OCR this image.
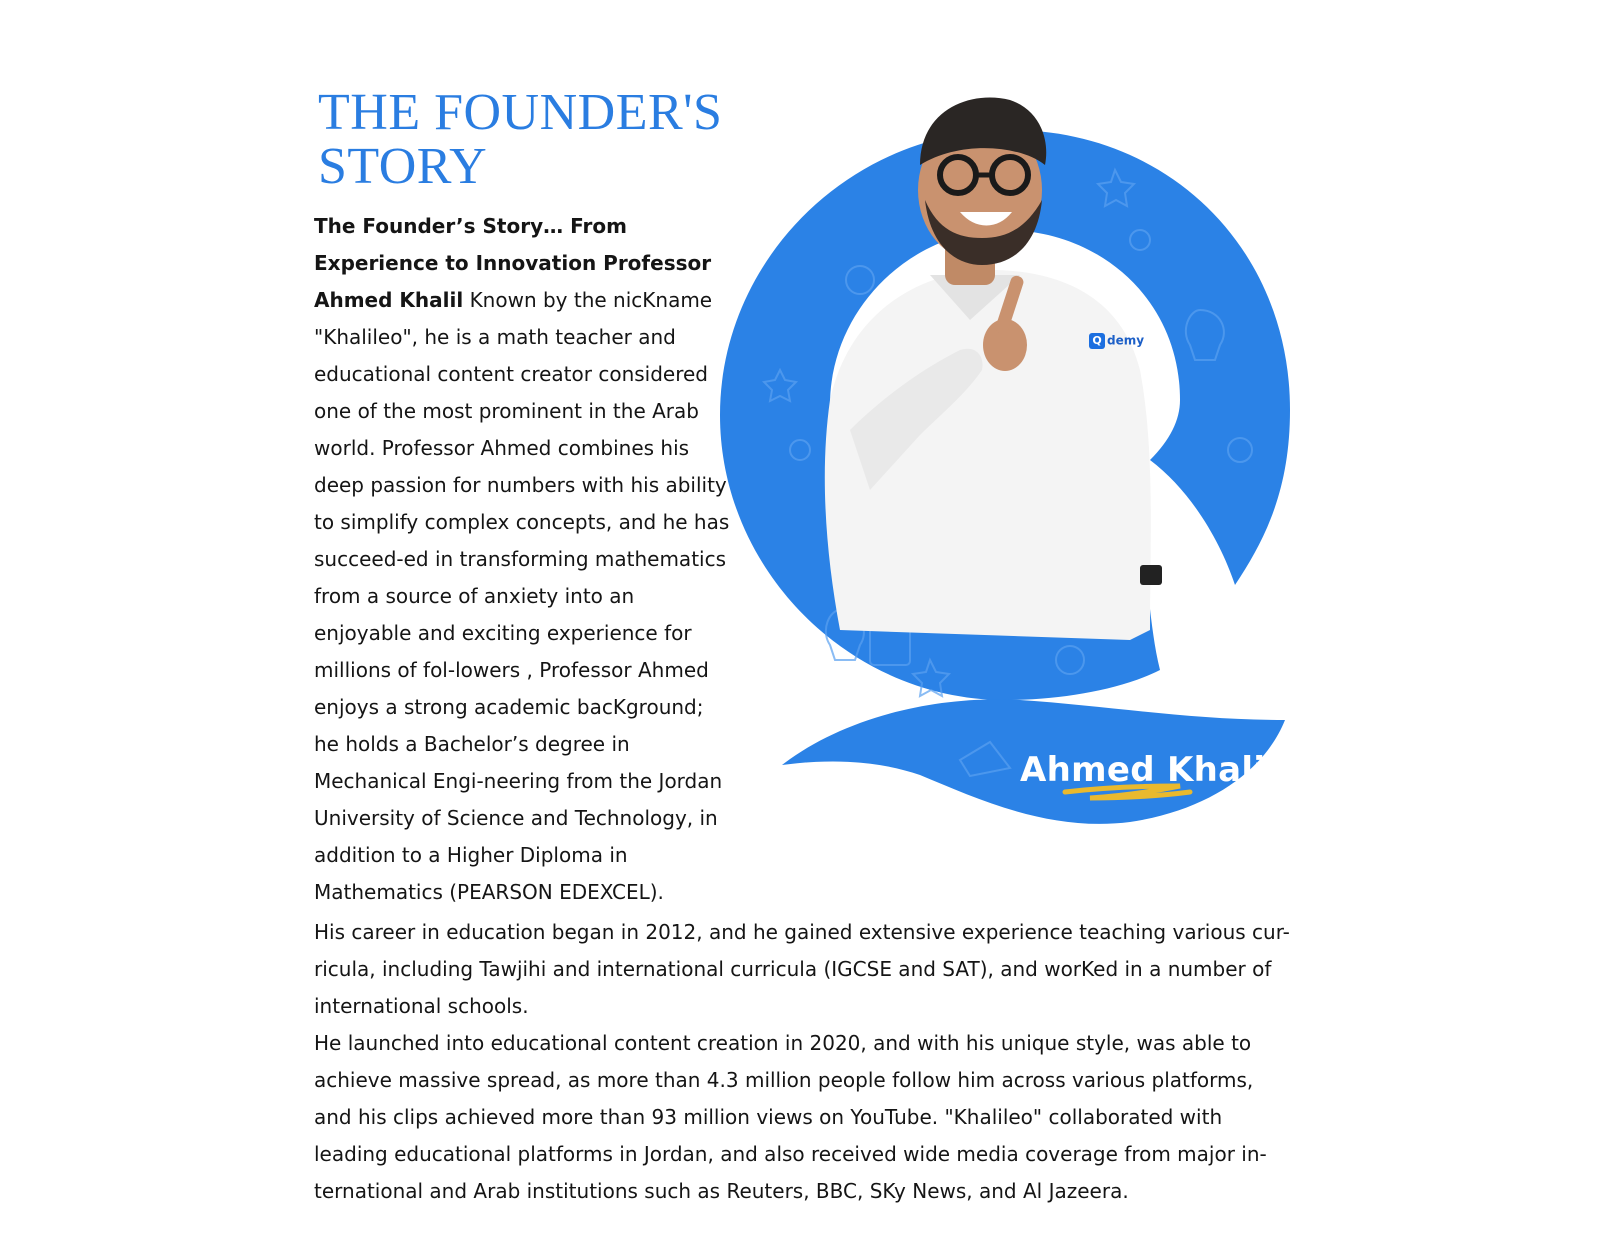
THE FOUNDER'S STORY

The Founder’s Story… From Experience to Innovation Professor Ahmed Khalil Known by the nicKname "Khalileo", he is a math teacher and educational content creator considered one of the most prominent in the Arab world. Professor Ahmed combines his deep passion for numbers with his ability to simplify complex concepts, and he has succeed-ed in transforming mathematics from a source of anxiety into an enjoyable and exciting experience for millions of fol-lowers , Professor Ahmed enjoys a strong academic bacKground; he holds a Bachelor’s degree in Mechanical Engi-neering from the Jordan University of Science and Technology, in addition to a Higher Diploma in Mathematics (PEARSON EDEXCEL).

Q demy
Ahmed Khalil

His career in education began in 2012, and he gained extensive experience teaching various cur-ricula, including Tawjihi and international curricula (IGCSE and SAT), and worKed in a number of international schools.

He launched into educational content creation in 2020, and with his unique style, was able to achieve massive spread, as more than 4.3 million people follow him across various platforms, and his clips achieved more than 93 million views on YouTube. "Khalileo" collaborated with leading educational platforms in Jordan, and also received wide media coverage from major in-ternational and Arab institutions such as Reuters, BBC, SKy News, and Al Jazeera.
